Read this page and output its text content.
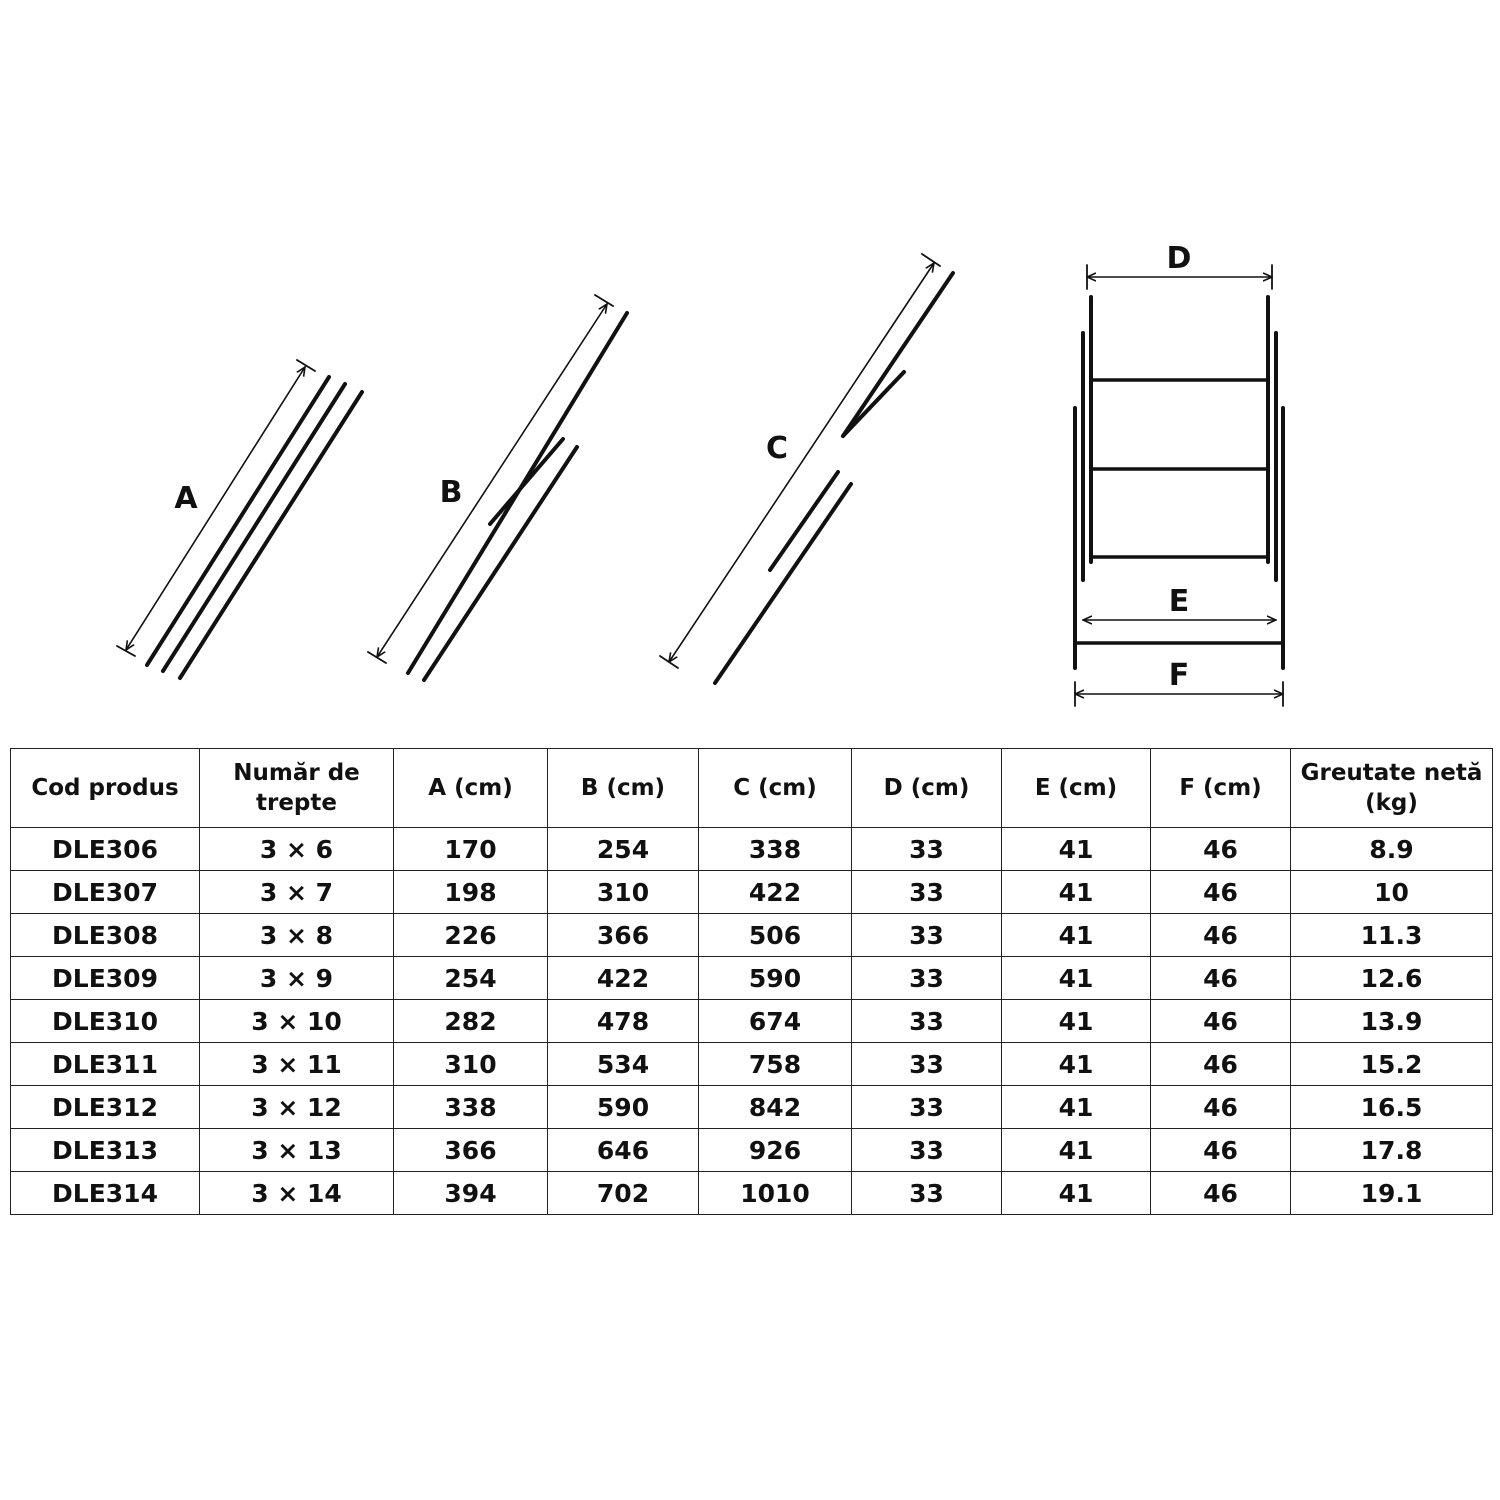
A	B
C
D
E
F
Cod produs	Număr de trepte	A (cm)	B (cm)	C (cm)	D (cm)	E (cm)	F (cm)	Greutate netă (kg)
DLE306	3 × 6	170	254	338	33	41	46	8.9
DLE307	3 × 7	198	310	422	33	41	46	10
DLE308	3 × 8	226	366	506	33	41	46	11.3
DLE309	3 × 9	254	422	590	33	41	46	12.6
DLE310	3 × 10	282	478	674	33	41	46	13.9
DLE311	3 × 11	310	534	758	33	41	46	15.2
DLE312	3 × 12	338	590	842	33	41	46	16.5
DLE313	3 × 13	366	646	926	33	41	46	17.8
DLE314	3 × 14	394	702	1010	33	41	46	19.1
